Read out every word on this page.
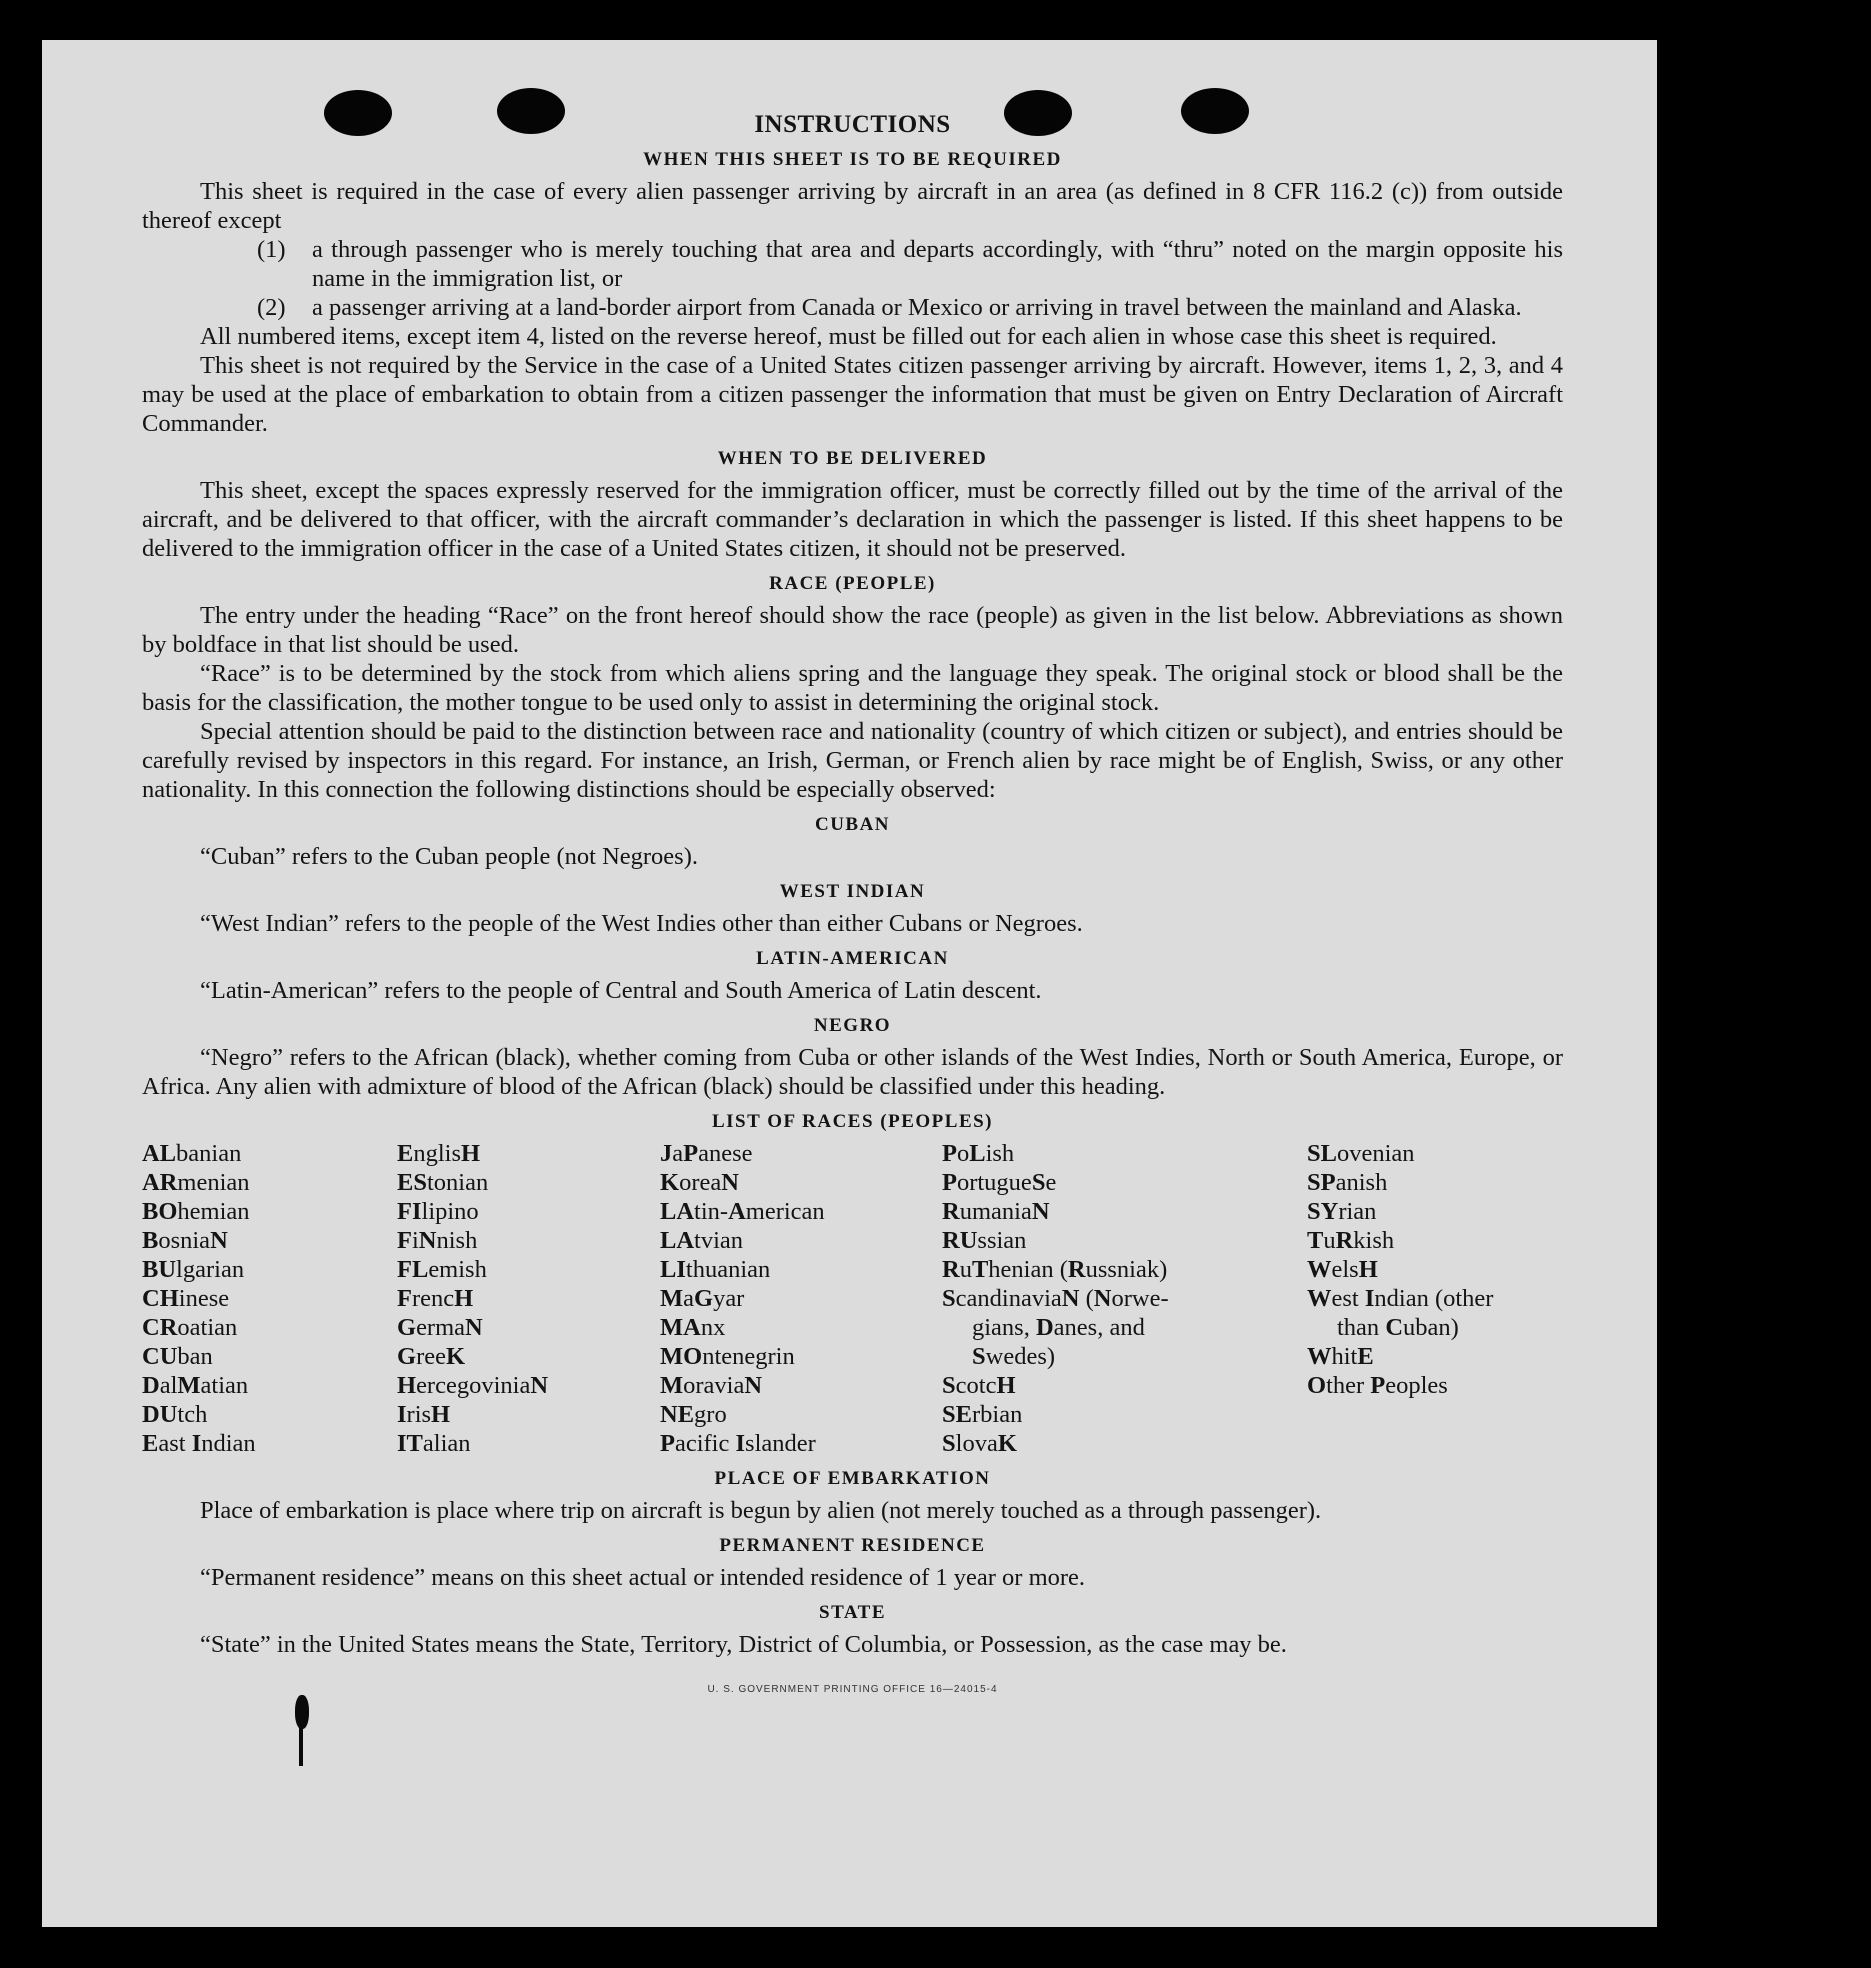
INSTRUCTIONS
WHEN THIS SHEET IS TO BE REQUIRED

This sheet is required in the case of every alien passenger arriving by aircraft in an area (as defined in 8 CFR 116.2 (c)) from outside thereof except

(1)	a through passenger who is merely touching that area and departs accordingly, with “thru” noted on the margin opposite his name in the immigration list, or
(2)	a passenger arriving at a land-border airport from Canada or Mexico or arriving in travel between the mainland and Alaska.

All numbered items, except item 4, listed on the reverse hereof, must be filled out for each alien in whose case this sheet is required.

This sheet is not required by the Service in the case of a United States citizen passenger arriving by aircraft. However, items 1, 2, 3, and 4 may be used at the place of embarkation to obtain from a citizen passenger the information that must be given on Entry Declaration of Aircraft Commander.

WHEN TO BE DELIVERED

This sheet, except the spaces expressly reserved for the immigration officer, must be correctly filled out by the time of the arrival of the aircraft, and be delivered to that officer, with the aircraft commander’s declaration in which the passenger is listed. If this sheet happens to be delivered to the immigration officer in the case of a United States citizen, it should not be preserved.

RACE (PEOPLE)

The entry under the heading “Race” on the front hereof should show the race (people) as given in the list below. Abbreviations as shown by boldface in that list should be used.

“Race” is to be determined by the stock from which aliens spring and the language they speak. The original stock or blood shall be the basis for the classification, the mother tongue to be used only to assist in determining the original stock.

Special attention should be paid to the distinction between race and nationality (country of which citizen or subject), and entries should be carefully revised by inspectors in this regard. For instance, an Irish, German, or French alien by race might be of English, Swiss, or any other nationality. In this connection the following distinctions should be especially observed:

CUBAN

“Cuban” refers to the Cuban people (not Negroes).

WEST INDIAN

“West Indian” refers to the people of the West Indies other than either Cubans or Negroes.

LATIN-AMERICAN

“Latin-American” refers to the people of Central and South America of Latin descent.

NEGRO

“Negro” refers to the African (black), whether coming from Cuba or other islands of the West Indies, North or South America, Europe, or Africa. Any alien with admixture of blood of the African (black) should be classified under this heading.

LIST OF RACES (PEOPLES)
ALbanian
ARmenian
BOhemian
BosniaN
BUlgarian
CHinese
CRoatian
CUban
DalMatian
DUtch
East Indian
EnglisH
EStonian
FIlipino
FiNnish
FLemish
FrencH
GermaN
GreeK
HercegoviniaN
IrisH
ITalian
JaPanese
KoreaN
LAtin-American
LAtvian
LIthuanian
MaGyar
MAnx
MOntenegrin
MoraviaN
NEgro
Pacific Islander
PoLish
PortugueSe
RumaniaN
RUssian
RuThenian (Russniak)
ScandinaviaN (Norwe-
gians, Danes, and
Swedes)
ScotcH
SErbian
SlovaK
SLovenian
SPanish
SYrian
TuRkish
WelsH
West Indian (other
than Cuban)
WhitE
Other Peoples
PLACE OF EMBARKATION

Place of embarkation is place where trip on aircraft is begun by alien (not merely touched as a through passenger).

PERMANENT RESIDENCE

“Permanent residence” means on this sheet actual or intended residence of 1 year or more.

STATE

“State” in the United States means the State, Territory, District of Columbia, or Possession, as the case may be.

U. S. GOVERNMENT PRINTING OFFICE 16—24015-4
